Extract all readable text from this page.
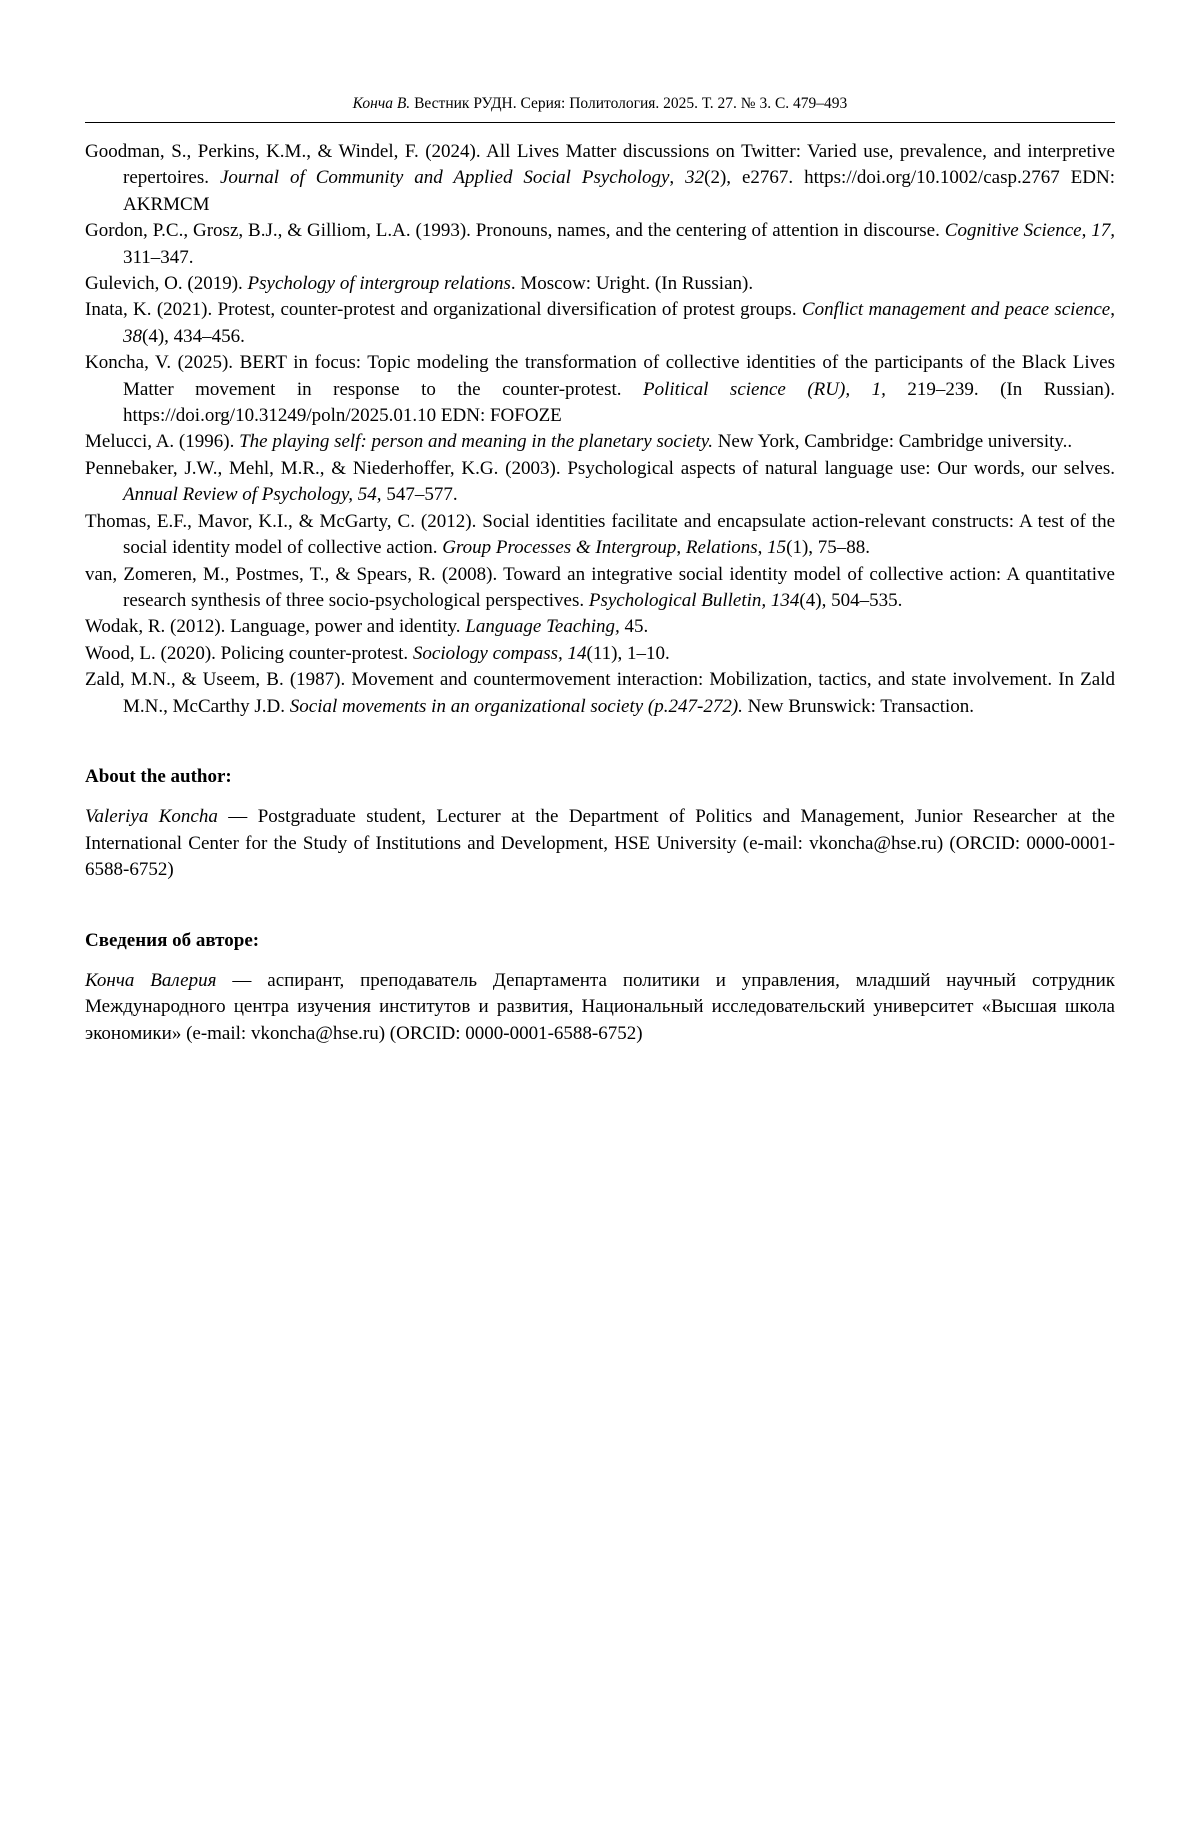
Конча В. Вестник РУДН. Серия: Политология. 2025. Т. 27. № 3. С. 479–493

Goodman, S., Perkins, K.M., & Windel, F. (2024). All Lives Matter discussions on Twitter: Varied use, prevalence, and interpretive repertoires. Journal of Community and Applied Social Psychology, 32(2), e2767. https://doi.org/10.1002/casp.2767 EDN: AKRMCM

Gordon, P.C., Grosz, B.J., & Gilliom, L.A. (1993). Pronouns, names, and the centering of attention in discourse. Cognitive Science, 17, 311–347.

Gulevich, O. (2019). Psychology of intergroup relations. Moscow: Uright. (In Russian).

Inata, K. (2021). Protest, counter-protest and organizational diversification of protest groups. Conflict management and peace science, 38(4), 434–456.

Koncha, V. (2025). BERT in focus: Topic modeling the transformation of collective identities of the participants of the Black Lives Matter movement in response to the counter-protest. Political science (RU), 1, 219–239. (In Russian). https://doi.org/10.31249/poln/2025.01.10 EDN: FOFOZE

Melucci, A. (1996). The playing self: person and meaning in the planetary society. New York, Cambridge: Cambridge university..

Pennebaker, J.W., Mehl, M.R., & Niederhoffer, K.G. (2003). Psychological aspects of natural language use: Our words, our selves. Annual Review of Psychology, 54, 547–577.

Thomas, E.F., Mavor, K.I., & McGarty, C. (2012). Social identities facilitate and encapsulate action-relevant constructs: A test of the social identity model of collective action. Group Processes & Intergroup, Relations, 15(1), 75–88.

van, Zomeren, M., Postmes, T., & Spears, R. (2008). Toward an integrative social identity model of collective action: A quantitative research synthesis of three socio-psychological perspectives. Psychological Bulletin, 134(4), 504–535.

Wodak, R. (2012). Language, power and identity. Language Teaching, 45.

Wood, L. (2020). Policing counter-protest. Sociology compass, 14(11), 1–10.

Zald, M.N., & Useem, B. (1987). Movement and countermovement interaction: Mobilization, tactics, and state involvement. In Zald M.N., McCarthy J.D. Social movements in an organizational society (p.247-272). New Brunswick: Transaction.

About the author:

Valeriya Koncha — Postgraduate student, Lecturer at the Department of Politics and Management, Junior Researcher at the International Center for the Study of Institutions and Development, HSE University (e-mail: vkoncha@hse.ru) (ORCID: 0000-0001-6588-6752)

Сведения об авторе:

Конча Валерия — аспирант, преподаватель Департамента политики и управления, младший научный сотрудник Международного центра изучения институтов и развития, Национальный исследовательский университет «Высшая школа экономики» (e-mail: vkoncha@hse.ru) (ORCID: 0000-0001-6588-6752)
